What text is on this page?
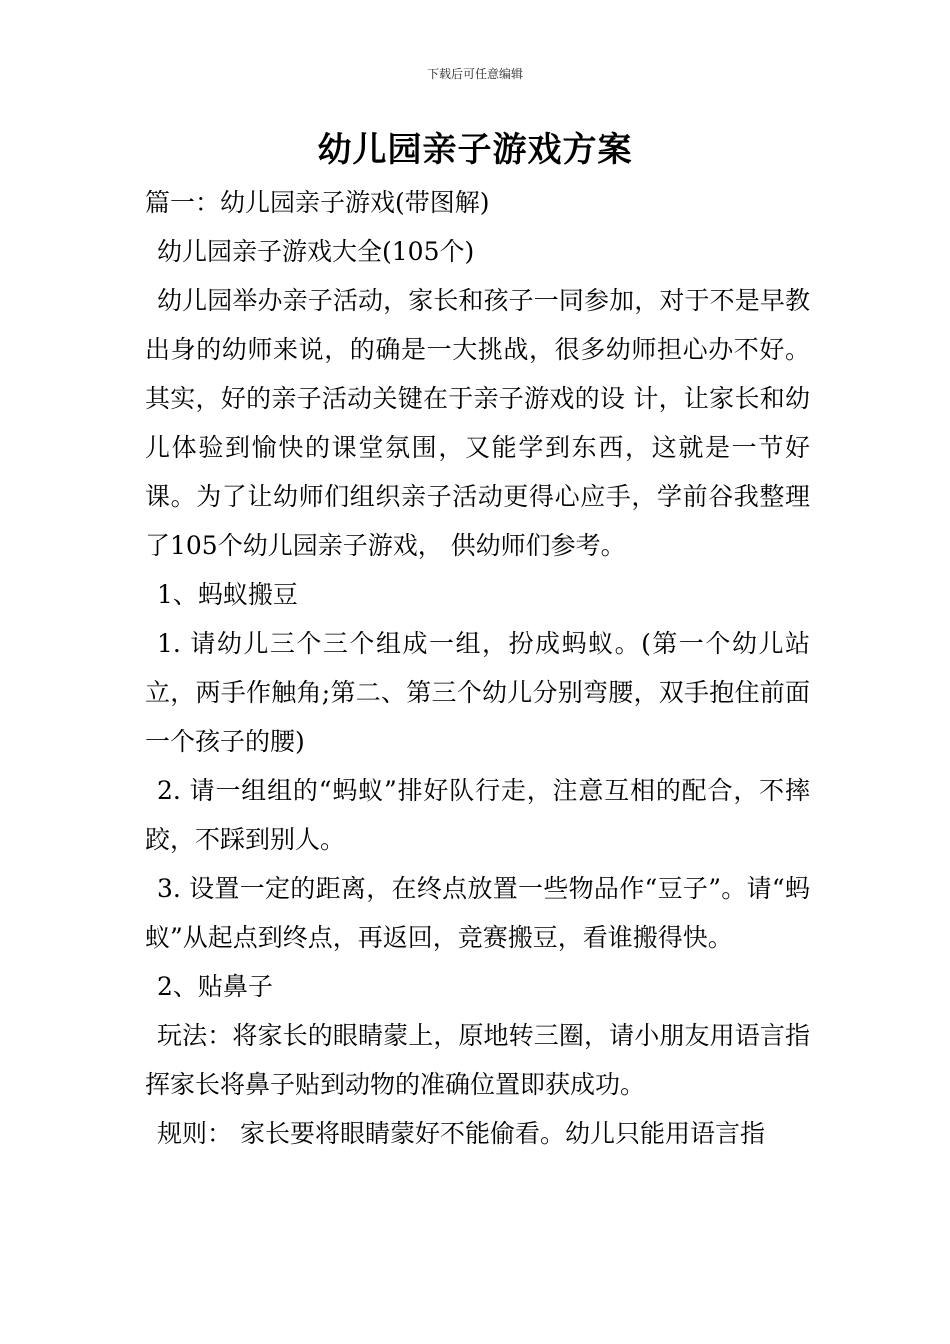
下载后可任意编辑
幼儿园亲子游戏方案

篇一：幼儿园亲子游戏(带图解)

幼儿园亲子游戏大全(105个)

幼儿园举办亲子活动，家长和孩子一同参加，对于不是早教出身的幼师来说，的确是一大挑战，很多幼师担心办不好。其实，好的亲子活动关键在于亲子游戏的设 计，让家长和幼儿体验到愉快的课堂氛围，又能学到东西，这就是一节好课。为了让幼师们组织亲子活动更得心应手，学前谷我整理了105个幼儿园亲子游戏， 供幼师们参考。

1、蚂蚁搬豆

1. 请幼儿三个三个组成一组，扮成蚂蚁。(第一个幼儿站立，两手作触角;第二、第三个幼儿分别弯腰，双手抱住前面一个孩子的腰)

2. 请一组组的“蚂蚁”排好队行走，注意互相的配合，不摔跤，不踩到别人。

3. 设置一定的距离，在终点放置一些物品作“豆子”。请“蚂蚁”从起点到终点，再返回，竞赛搬豆，看谁搬得快。

2、贴鼻子

玩法：将家长的眼睛蒙上，原地转三圈，请小朋友用语言指挥家长将鼻子贴到动物的准确位置即获成功。

规则： 家长要将眼睛蒙好不能偷看。幼儿只能用语言指
